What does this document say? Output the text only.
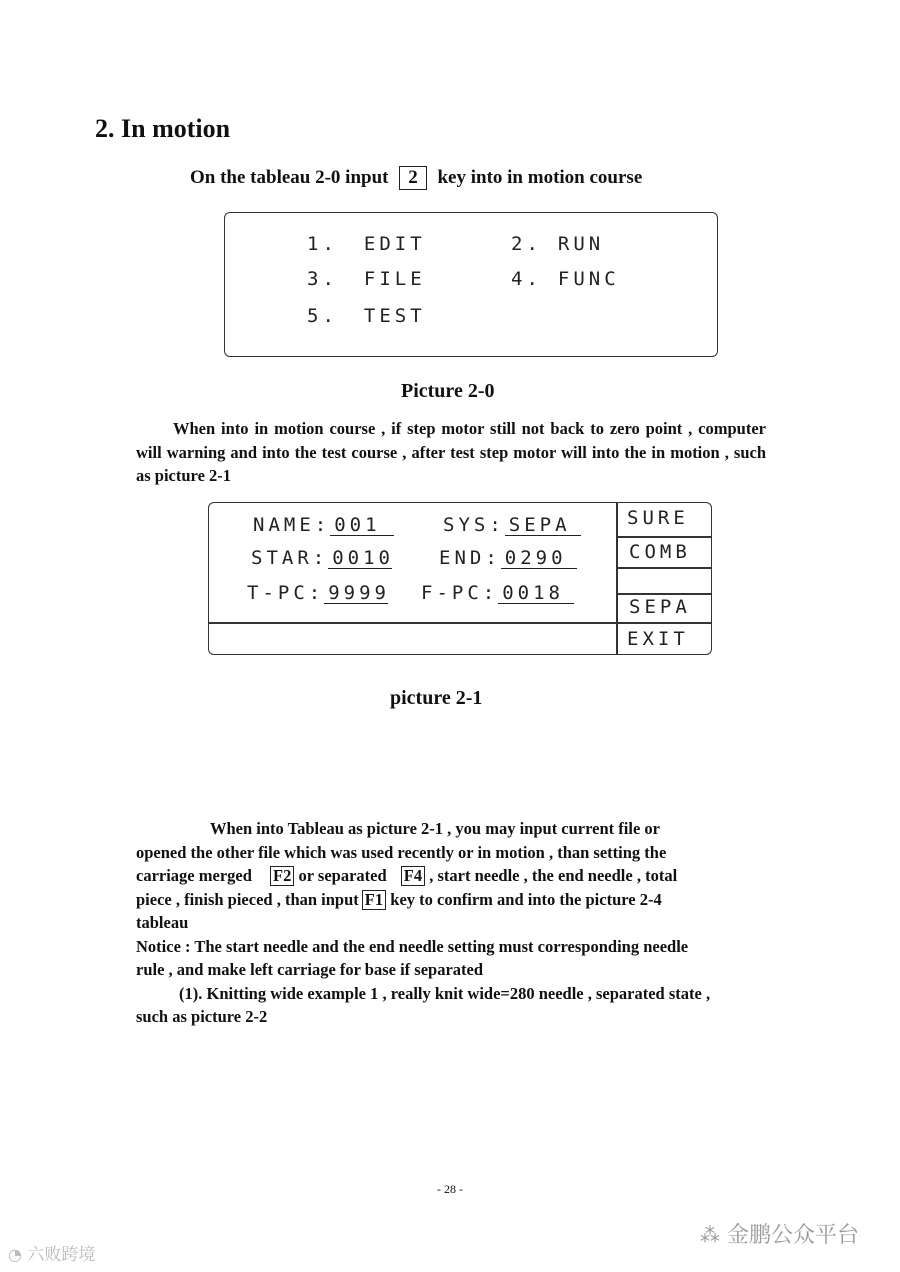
2. In motion
On the tableau 2-0 input 2 key into in motion course
1. EDIT	2. RUN
3. FILE	4. FUNC
5. TEST
Picture 2-0
When into in motion course , if step motor still not back to zero point , computer will warning and into the test course , after test step motor will into the in motion , such as picture 2-1
NAME: 001	SYS: SEPA
STAR: 0010 END: 0290
T-PC: 9999 F-PC: 0018
SURE
COMB
SEPA
EXIT
picture 2-1
When into Tableau as picture 2-1 , you may input current file or
opened the other file which was used recently or in motion , than setting the
carriage merged F2 or separated F4 , start needle , the end needle , total
piece , finish pieced , than input F1 key to confirm and into the picture 2-4
tableau
Notice : The start needle and the end needle setting must corresponding needle
rule , and make left carriage for base if separated
(1). Knitting wide example 1 , really knit wide=280 needle , separated state ,
such as picture 2-2
- 28 -
◔ 六败跨境
⁂ 金鹏公众平台
